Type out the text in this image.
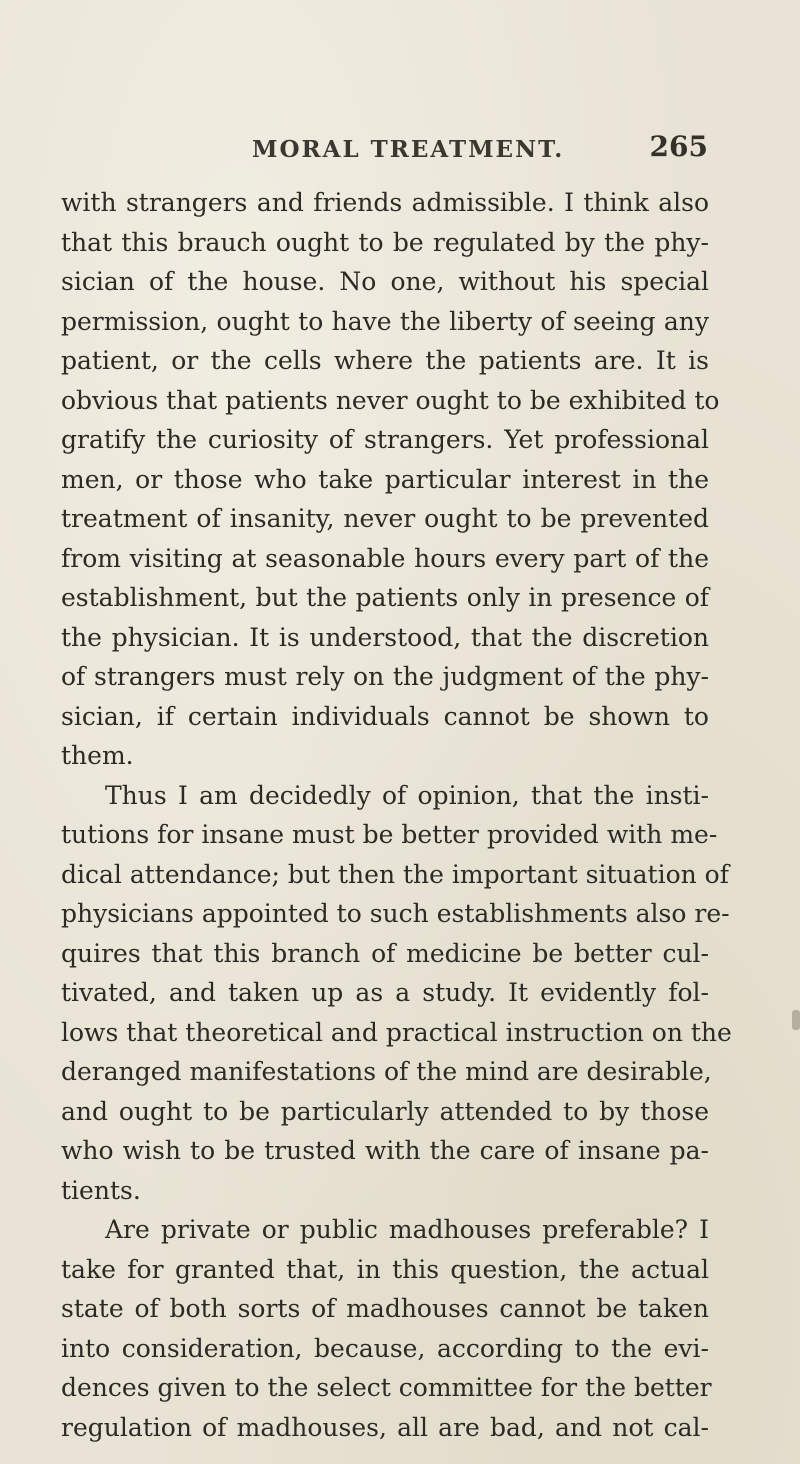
MORAL TREATMENT.	265
with strangers and friends admissible. I think also
that this brauch ought to be regulated by the phy-
sician of the house. No one, without his special
permission, ought to have the liberty of seeing any
patient, or the cells where the patients are. It is
obvious that patients never ought to be exhibited to
gratify the curiosity of strangers. Yet professional
men, or those who take particular interest in the
treatment of insanity, never ought to be prevented
from visiting at seasonable hours every part of the
establishment, but the patients only in presence of
the physician. It is understood, that the discretion
of strangers must rely on the judgment of the phy-
sician, if certain individuals cannot be shown to
them.
Thus I am decidedly of opinion, that the insti-
tutions for insane must be better provided with me-
dical attendance; but then the important situation of
physicians appointed to such establishments also re-
quires that this branch of medicine be better cul-
tivated, and taken up as a study. It evidently fol-
lows that theoretical and practical instruction on the
deranged manifestations of the mind are desirable,
and ought to be particularly attended to by those
who wish to be trusted with the care of insane pa-
tients.
Are private or public madhouses preferable? I
take for granted that, in this question, the actual
state of both sorts of madhouses cannot be taken
into consideration, because, according to the evi-
dences given to the select committee for the better
regulation of madhouses, all are bad, and not cal-
